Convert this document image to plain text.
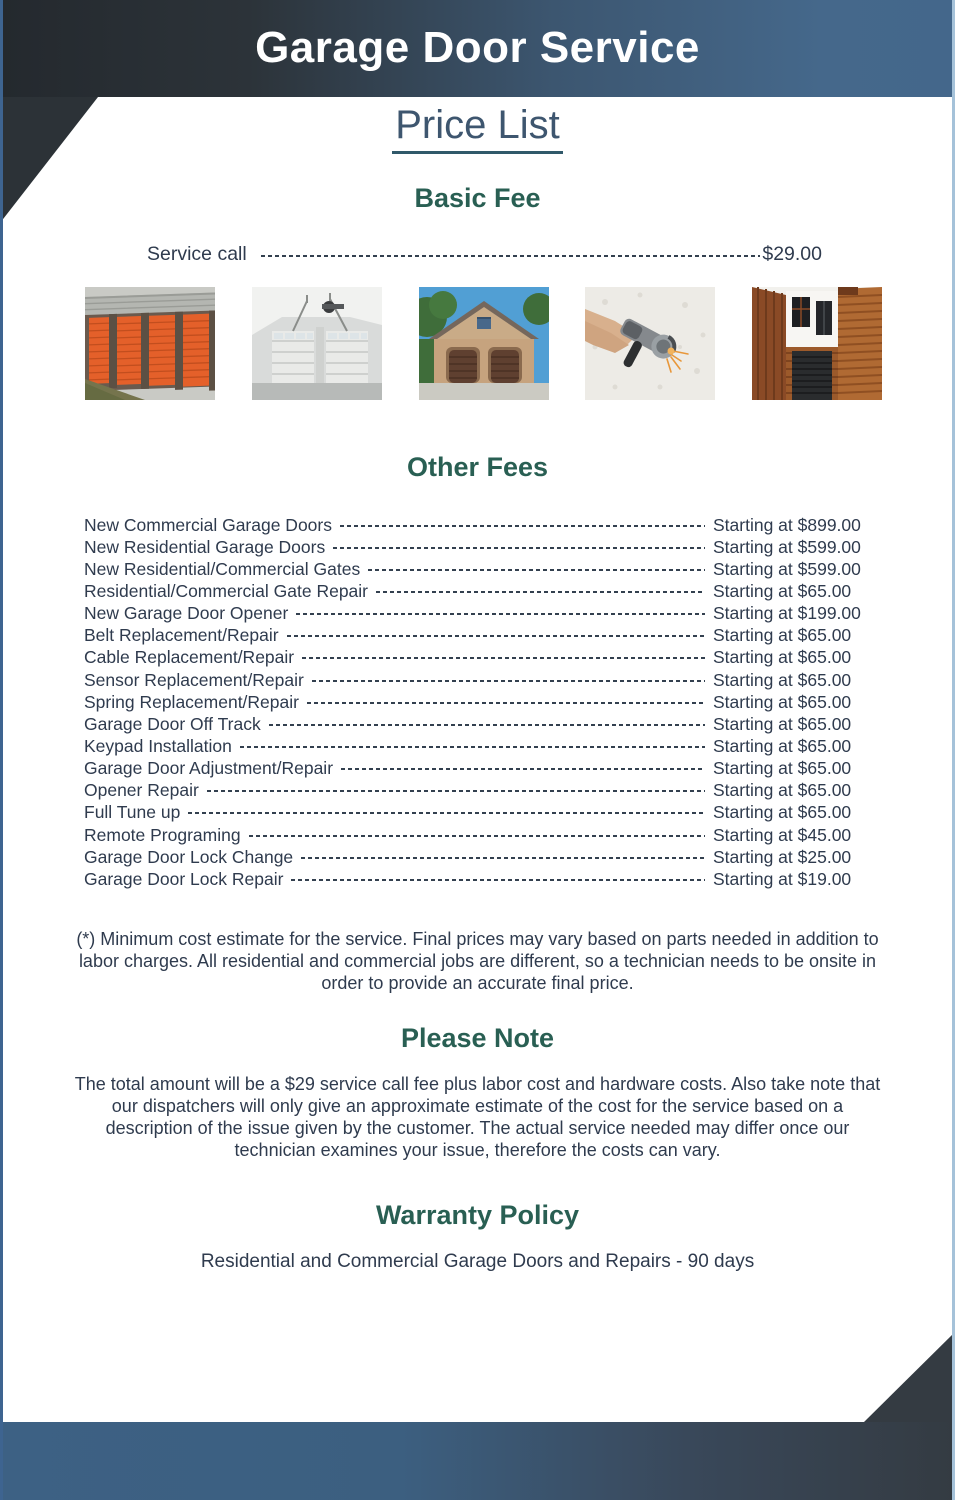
Garage Door Service
Price List
Basic Fee
Service call	$29.00
Other Fees
New Commercial Garage Doors	Starting at $899.00
New Residential Garage Doors	Starting at $599.00
New Residential/Commercial Gates	Starting at $599.00
Residential/Commercial Gate Repair	Starting at $65.00
New Garage Door Opener	Starting at $199.00
Belt Replacement/Repair	Starting at $65.00
Cable Replacement/Repair	Starting at $65.00
Sensor Replacement/Repair	Starting at $65.00
Spring Replacement/Repair	Starting at $65.00
Garage Door Off Track	Starting at $65.00
Keypad Installation	Starting at $65.00
Garage Door Adjustment/Repair	Starting at $65.00
Opener Repair	Starting at $65.00
Full Tune up	Starting at $65.00
Remote Programing	Starting at $45.00
Garage Door Lock Change	Starting at $25.00
Garage Door Lock Repair	Starting at $19.00
(*) Minimum cost estimate for the service. Final prices may vary based on parts needed in addition to labor charges. All residential and commercial jobs are different, so a technician needs to be onsite in order to provide an accurate final price.
Please Note
The total amount will be a $29 service call fee plus labor cost and hardware costs. Also take note that our dispatchers will only give an approximate estimate of the cost for the service based on a description of the issue given by the customer. The actual service needed may differ once our technician examines your issue, therefore the costs can vary.
Warranty Policy
Residential and Commercial Garage Doors and Repairs - 90 days
